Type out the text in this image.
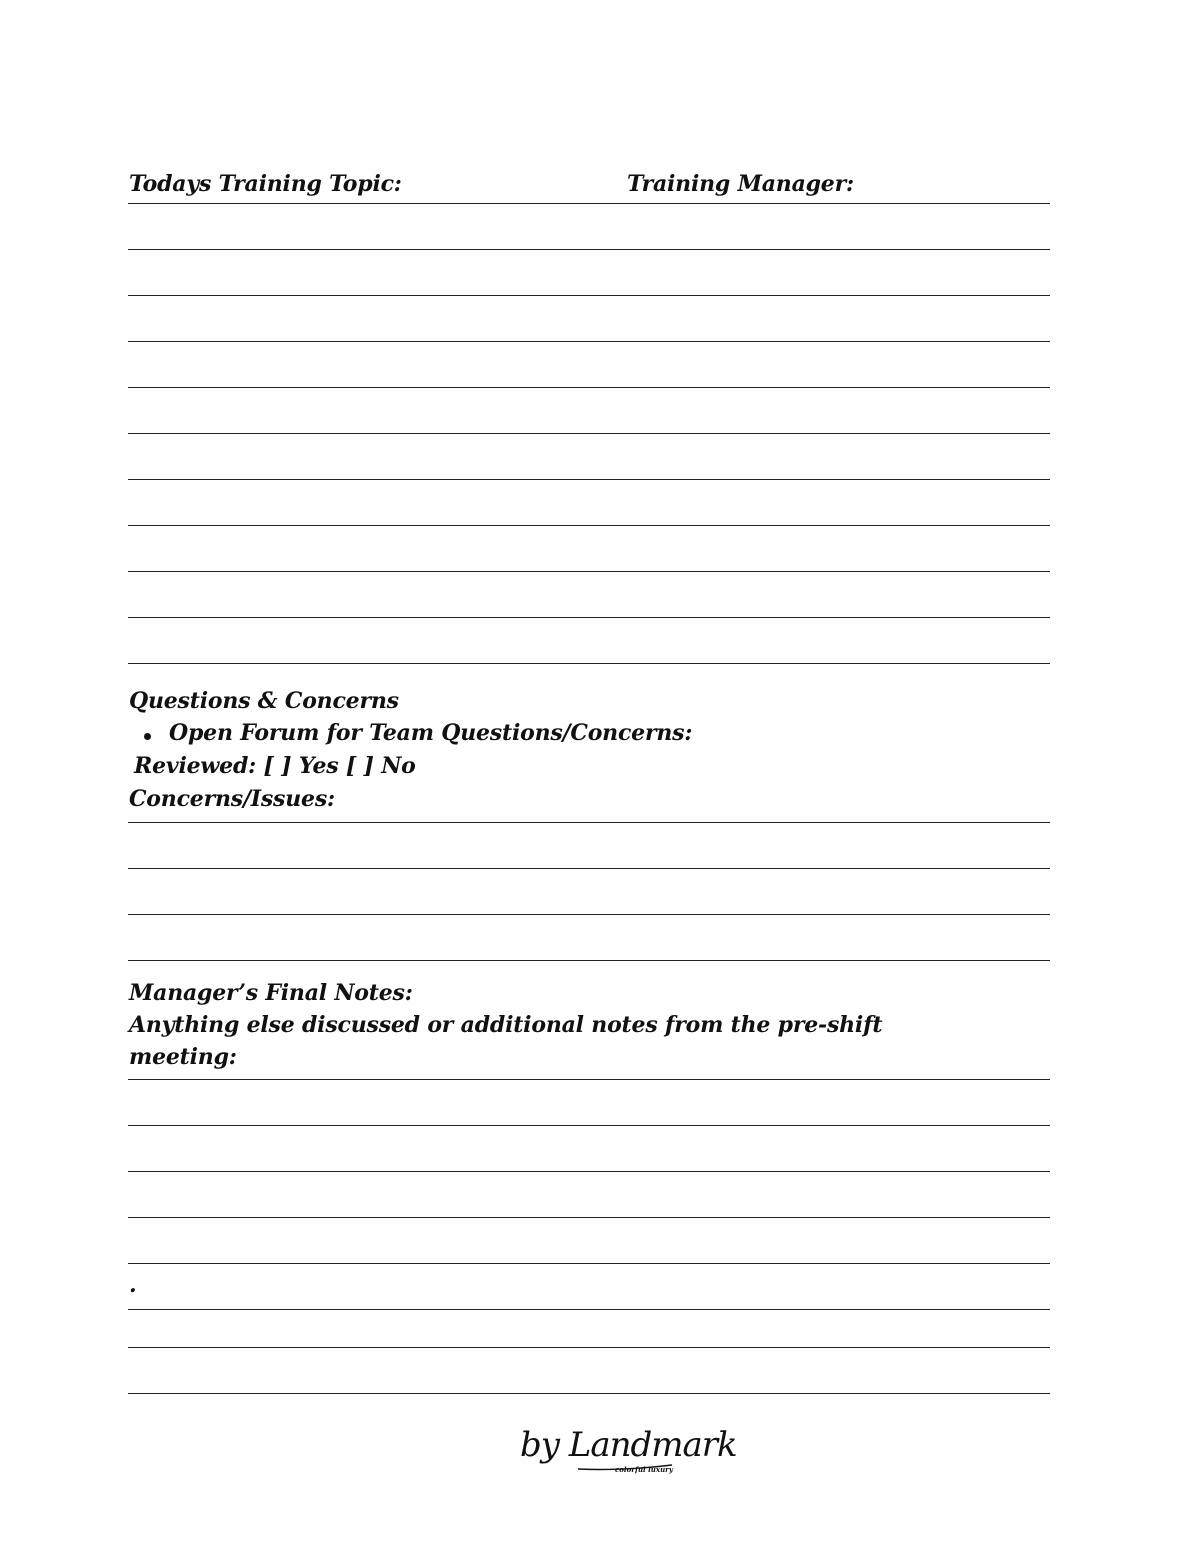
Todays Training Topic:	Training Manager:
Questions & Concerns
Open Forum for Team Questions/Concerns:
Reviewed: [ ] Yes [ ] No
Concerns/Issues:
Manager’s Final Notes:
Anything else discussed or additional notes from the pre-shift
meeting:
.
by Landmark
colorful luxury
